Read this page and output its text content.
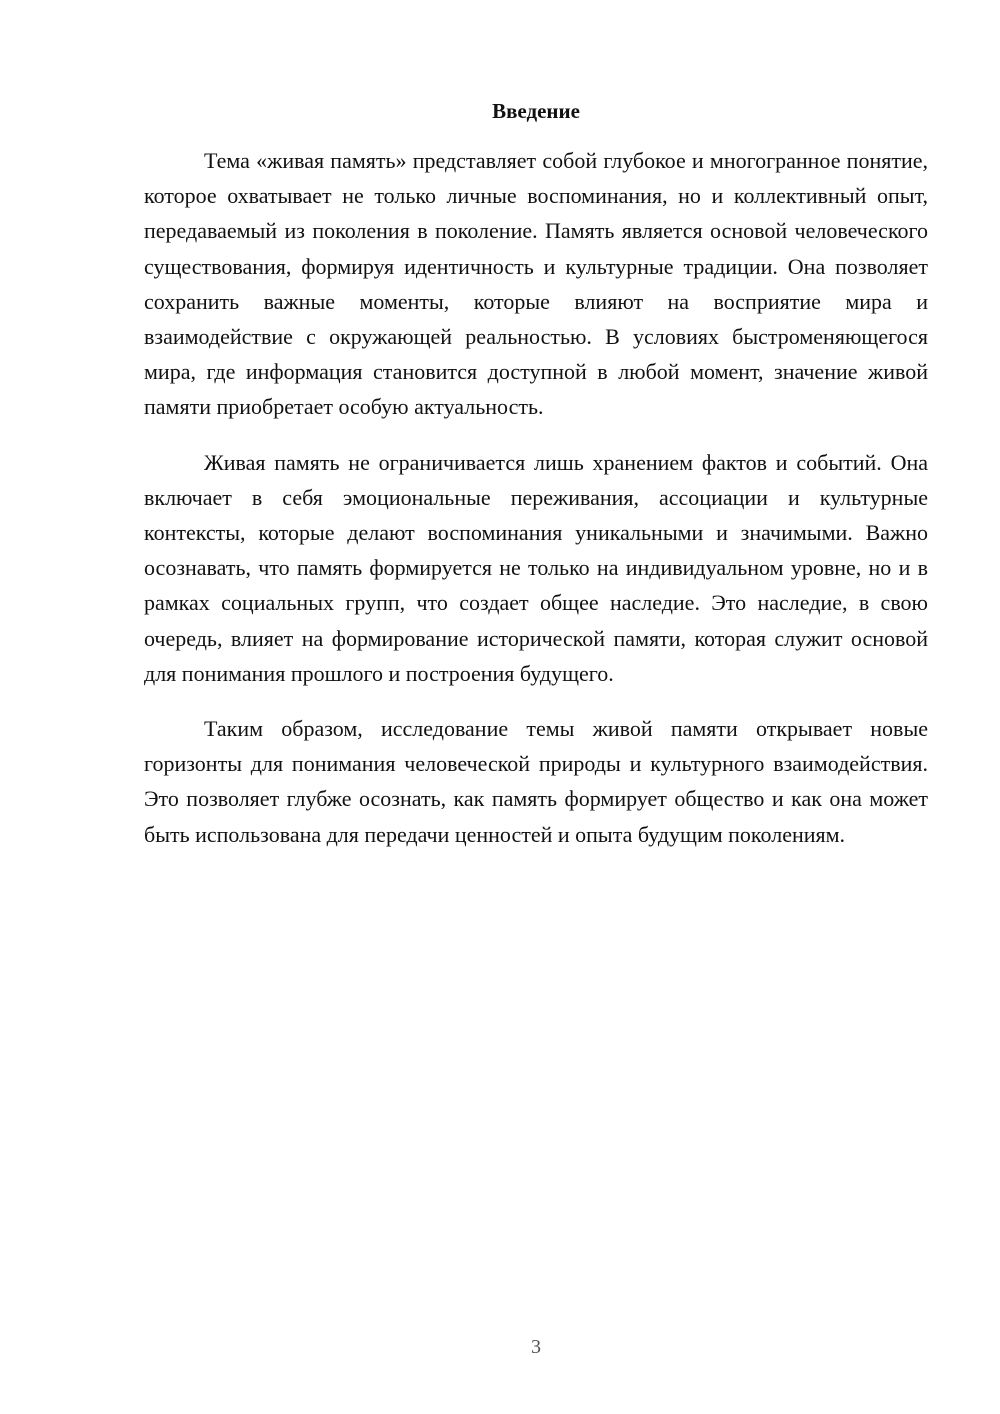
Введение

Тема «живая память» представляет собой глубокое и многогранное понятие, которое охватывает не только личные воспоминания, но и коллективный опыт, передаваемый из поколения в поколение. Память является основой человеческого существования, формируя идентичность и культурные традиции. Она позволяет сохранить важные моменты, которые влияют на восприятие мира и взаимодействие с окружающей реальностью. В условиях быстроменяющегося мира, где информация становится доступной в любой момент, значение живой памяти приобретает особую актуальность.

Живая память не ограничивается лишь хранением фактов и событий. Она включает в себя эмоциональные переживания, ассоциации и культурные контексты, которые делают воспоминания уникальными и значимыми. Важно осознавать, что память формируется не только на индивидуальном уровне, но и в рамках социальных групп, что создает общее наследие. Это наследие, в свою очередь, влияет на формирование исторической памяти, которая служит основой для понимания прошлого и построения будущего.

Таким образом, исследование темы живой памяти открывает новые горизонты для понимания человеческой природы и культурного взаимодействия. Это позволяет глубже осознать, как память формирует общество и как она может быть использована для передачи ценностей и опыта будущим поколениям.

3
